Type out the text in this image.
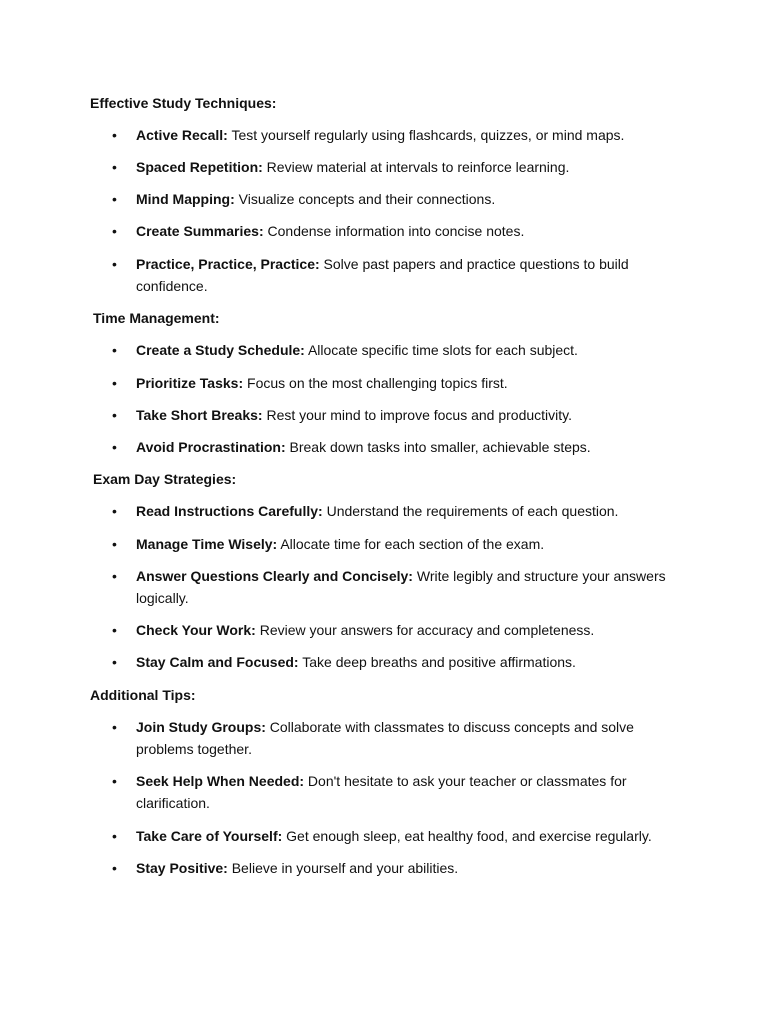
Effective Study Techniques:
• Active Recall: Test yourself regularly using flashcards, quizzes, or mind maps.
• Spaced Repetition: Review material at intervals to reinforce learning.
• Mind Mapping: Visualize concepts and their connections.
• Create Summaries: Condense information into concise notes.
• Practice, Practice, Practice: Solve past papers and practice questions to build confidence.
Time Management:
• Create a Study Schedule: Allocate specific time slots for each subject.
• Prioritize Tasks: Focus on the most challenging topics first.
• Take Short Breaks: Rest your mind to improve focus and productivity.
• Avoid Procrastination: Break down tasks into smaller, achievable steps.
Exam Day Strategies:
• Read Instructions Carefully: Understand the requirements of each question.
• Manage Time Wisely: Allocate time for each section of the exam.
• Answer Questions Clearly and Concisely: Write legibly and structure your answers logically.
• Check Your Work: Review your answers for accuracy and completeness.
• Stay Calm and Focused: Take deep breaths and positive affirmations.
Additional Tips:
• Join Study Groups: Collaborate with classmates to discuss concepts and solve problems together.
• Seek Help When Needed: Don't hesitate to ask your teacher or classmates for clarification.
• Take Care of Yourself: Get enough sleep, eat healthy food, and exercise regularly.
• Stay Positive: Believe in yourself and your abilities.
